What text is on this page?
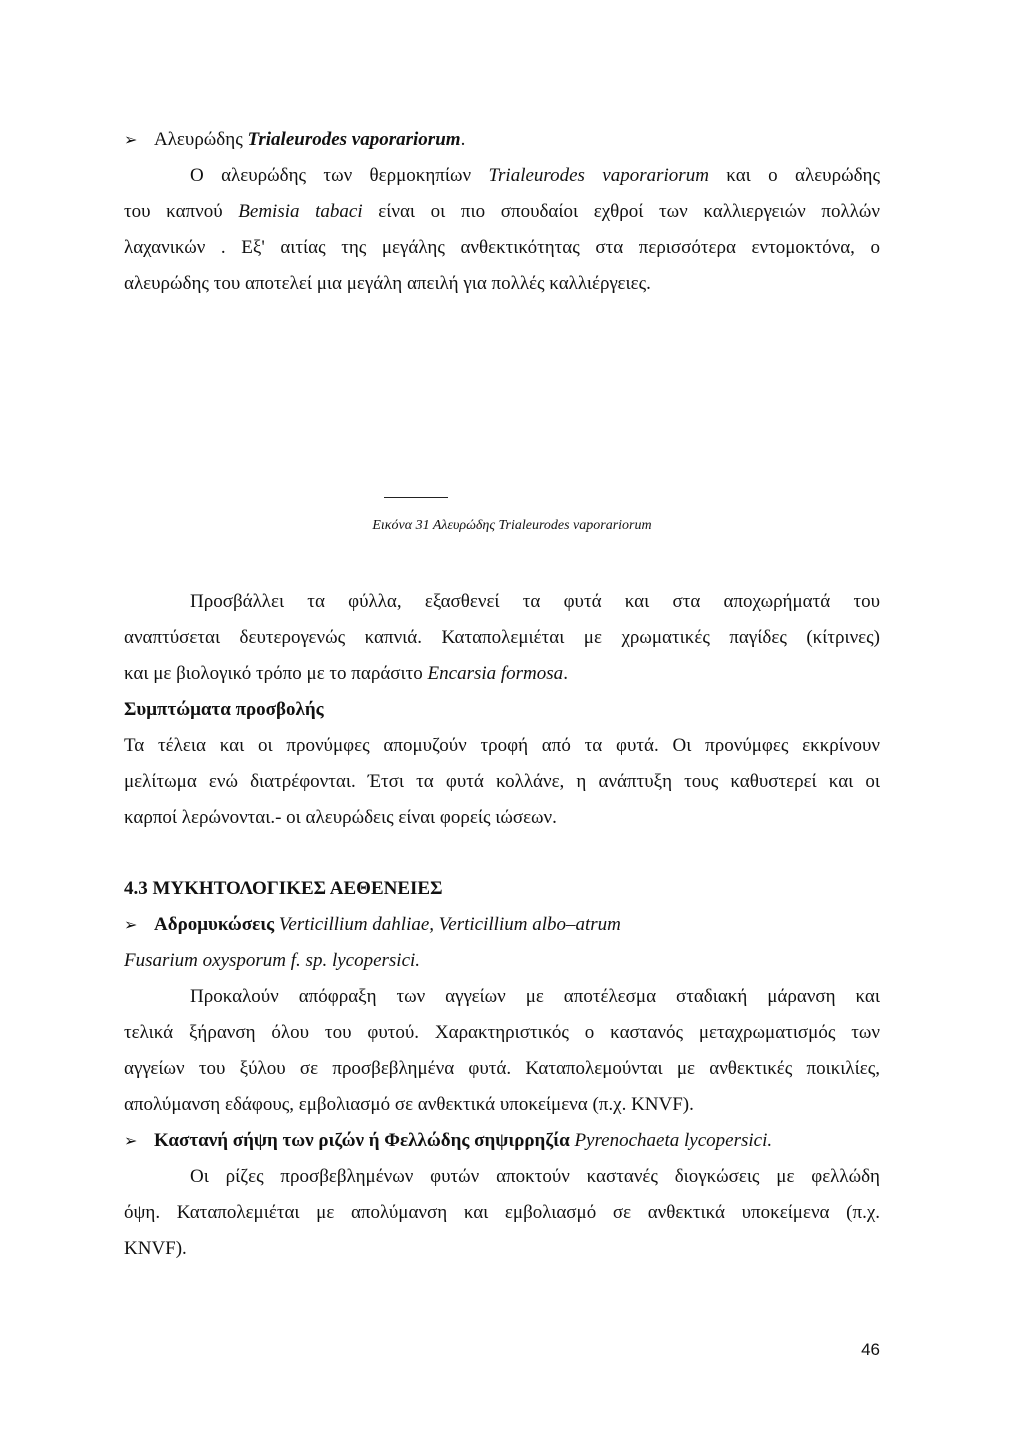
➢ Αλευρώδης Trialeurodes vaporariorum.
Ο αλευρώδης των θερμοκηπίων Trialeurodes vaporariorum και ο αλευρώδης
του καπνού Bemisia tabaci είναι οι πιο σπουδαίοι εχθροί των καλλιεργειών πολλών
λαχανικών . Εξ' αιτίας της μεγάλης ανθεκτικότητας στα περισσότερα εντομοκτόνα, ο
αλευρώδης του αποτελεί μια μεγάλη απειλή για πολλές καλλιέργειες.
Εικόνα 31 Αλευρώδης Trialeurodes vaporariorum
Προσβάλλει τα φύλλα, εξασθενεί τα φυτά και στα αποχωρήματά του
αναπτύσεται δευτερογενώς καπνιά. Καταπολεμιέται με χρωματικές παγίδες (κίτρινες)
και με βιολογικό τρόπο με το παράσιτο Encarsia formosa.
Συμπτώματα προσβολής
Τα τέλεια και οι προνύμφες απομυζούν τροφή από τα φυτά. Οι προνύμφες εκκρίνουν
μελίτωμα ενώ διατρέφονται. Έτσι τα φυτά κολλάνε, η ανάπτυξη τους καθυστερεί και οι
καρποί λερώνονται.- οι αλευρώδεις είναι φορείς ιώσεων.
4.3 ΜΥΚΗΤΟΛΟΓΙΚΕΣ ΑΕΘΕΝΕΙΕΣ
➢ Αδρομυκώσεις Verticillium dahliae, Verticillium albo–atrum
Fusarium oxysporum f. sp. lycopersici.
Προκαλούν απόφραξη των αγγείων με αποτέλεσμα σταδιακή μάρανση και
τελικά ξήρανση όλου του φυτού. Χαρακτηριστικός ο καστανός μεταχρωματισμός των
αγγείων του ξύλου σε προσβεβλημένα φυτά. Καταπολεμούνται με ανθεκτικές ποικιλίες,
απολύμανση εδάφους, εμβολιασμό σε ανθεκτικά υποκείμενα (π.χ. KNVF).
➢ Καστανή σήψη των ριζών ή Φελλώδης σηψιρρηζία Pyrenochaeta lycopersici.
Οι ρίζες προσβεβλημένων φυτών αποκτούν καστανές διογκώσεις με φελλώδη
όψη. Καταπολεμιέται με απολύμανση και εμβολιασμό σε ανθεκτικά υποκείμενα (π.χ.
KNVF).
46
